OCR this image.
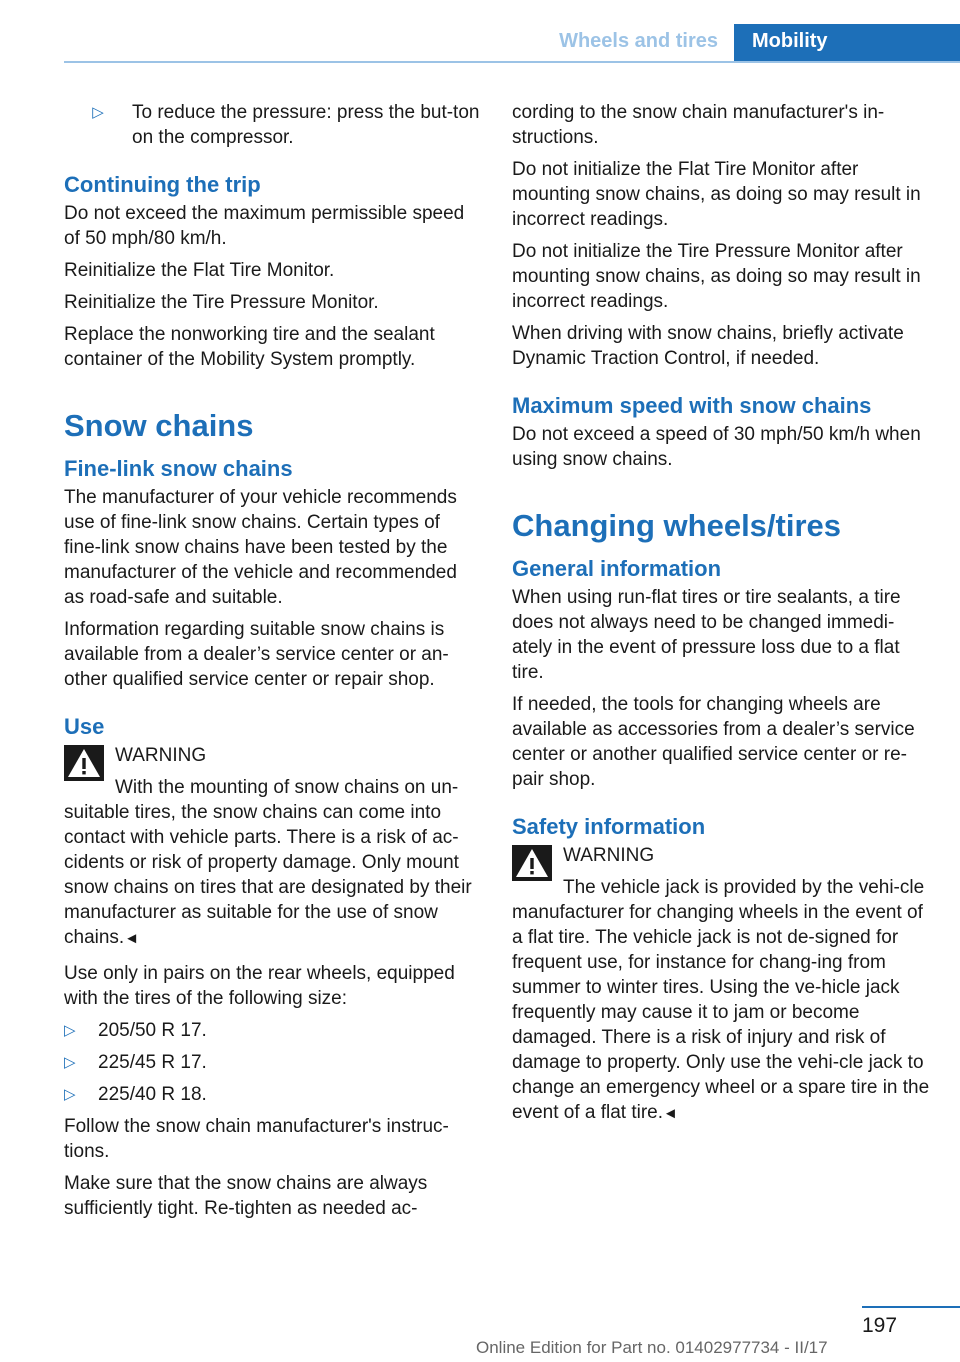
Wheels and tires	Mobility
▷	To reduce the pressure: press the but-ton on the compressor.
Continuing the trip

Do not exceed the maximum permissible speed of 50 mph/80 km/h.

Reinitialize the Flat Tire Monitor.

Reinitialize the Tire Pressure Monitor.

Replace the nonworking tire and the sealant container of the Mobility System promptly.

Snow chains
Fine-link snow chains

The manufacturer of your vehicle recommends use of fine-link snow chains. Certain types of fine-link snow chains have been tested by the manufacturer of the vehicle and recommended as road-safe and suitable.

Information regarding suitable snow chains is available from a dealer’s service center or an-other qualified service center or repair shop.

Use
WARNING

With the mounting of snow chains on un-suitable tires, the snow chains can come into contact with vehicle parts. There is a risk of ac-cidents or risk of property damage. Only mount snow chains on tires that are designated by their manufacturer as suitable for the use of snow chains.◄

Use only in pairs on the rear wheels, equipped with the tires of the following size:

▷	205/50 R 17.
▷	225/45 R 17.
▷	225/40 R 18.

Follow the snow chain manufacturer's instruc-tions.

Make sure that the snow chains are always sufficiently tight. Re-tighten as needed ac-

cording to the snow chain manufacturer's in-structions.

Do not initialize the Flat Tire Monitor after mounting snow chains, as doing so may result in incorrect readings.

Do not initialize the Tire Pressure Monitor after mounting snow chains, as doing so may result in incorrect readings.

When driving with snow chains, briefly activate Dynamic Traction Control, if needed.

Maximum speed with snow chains

Do not exceed a speed of 30 mph/50 km/h when using snow chains.

Changing wheels/tires
General information

When using run-flat tires or tire sealants, a tire does not always need to be changed immedi-ately in the event of pressure loss due to a flat tire.

If needed, the tools for changing wheels are available as accessories from a dealer’s service center or another qualified service center or re-pair shop.

Safety information
WARNING

The vehicle jack is provided by the vehi-cle manufacturer for changing wheels in the event of a flat tire. The vehicle jack is not de-signed for frequent use, for instance for chang-ing from summer to winter tires. Using the ve-hicle jack frequently may cause it to jam or become damaged. There is a risk of injury and risk of damage to property. Only use the vehi-cle jack to change an emergency wheel or a spare tire in the event of a flat tire.◄

197
Online Edition for Part no. 01402977734 - II/17
